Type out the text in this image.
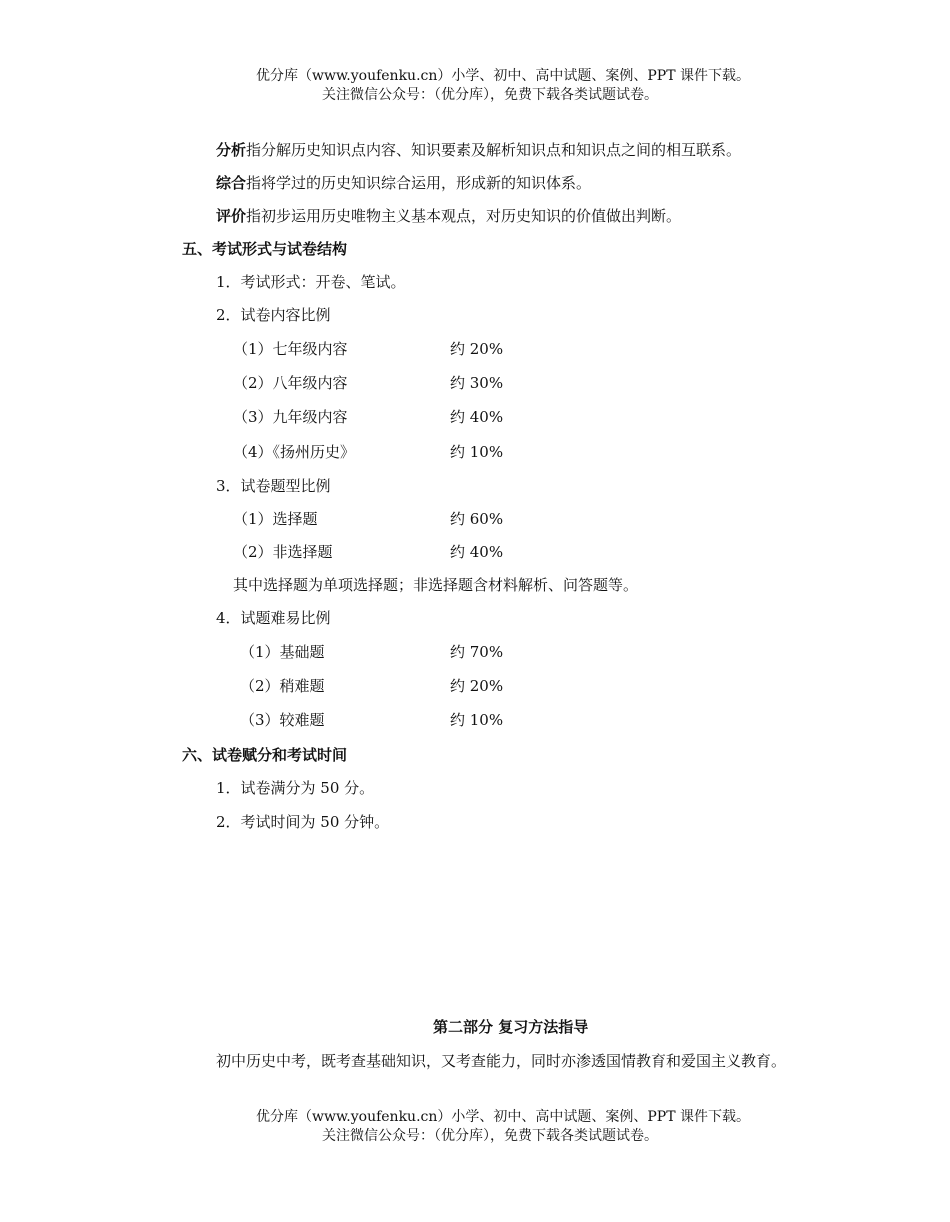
优分库（www.youfenku.cn）小学、初中、高中试题、案例、PPT 课件下载。
关注微信公众号：（优分库），免费下载各类试题试卷。
分析指分解历史知识点内容、知识要素及解析知识点和知识点之间的相互联系。
综合指将学过的历史知识综合运用，形成新的知识体系。
评价指初步运用历史唯物主义基本观点，对历史知识的价值做出判断。
五、考试形式与试卷结构
1．考试形式：开卷、笔试。
2．试卷内容比例
（1）七年级内容	约 20%
（2）八年级内容	约 30%
（3）九年级内容	约 40%
（4）《扬州历史》	约 10%
3．试卷题型比例
（1）选择题	约 60%
（2）非选择题	约 40%
其中选择题为单项选择题；非选择题含材料解析、问答题等。
4．试题难易比例
（1）基础题	约 70%
（2）稍难题	约 20%
（3）较难题	约 10%
六、试卷赋分和考试时间
1．试卷满分为 50 分。
2．考试时间为 50 分钟。
第二部分 复习方法指导
初中历史中考，既考查基础知识，又考查能力，同时亦渗透国情教育和爱国主义教育。
优分库（www.youfenku.cn）小学、初中、高中试题、案例、PPT 课件下载。
关注微信公众号：（优分库），免费下载各类试题试卷。
